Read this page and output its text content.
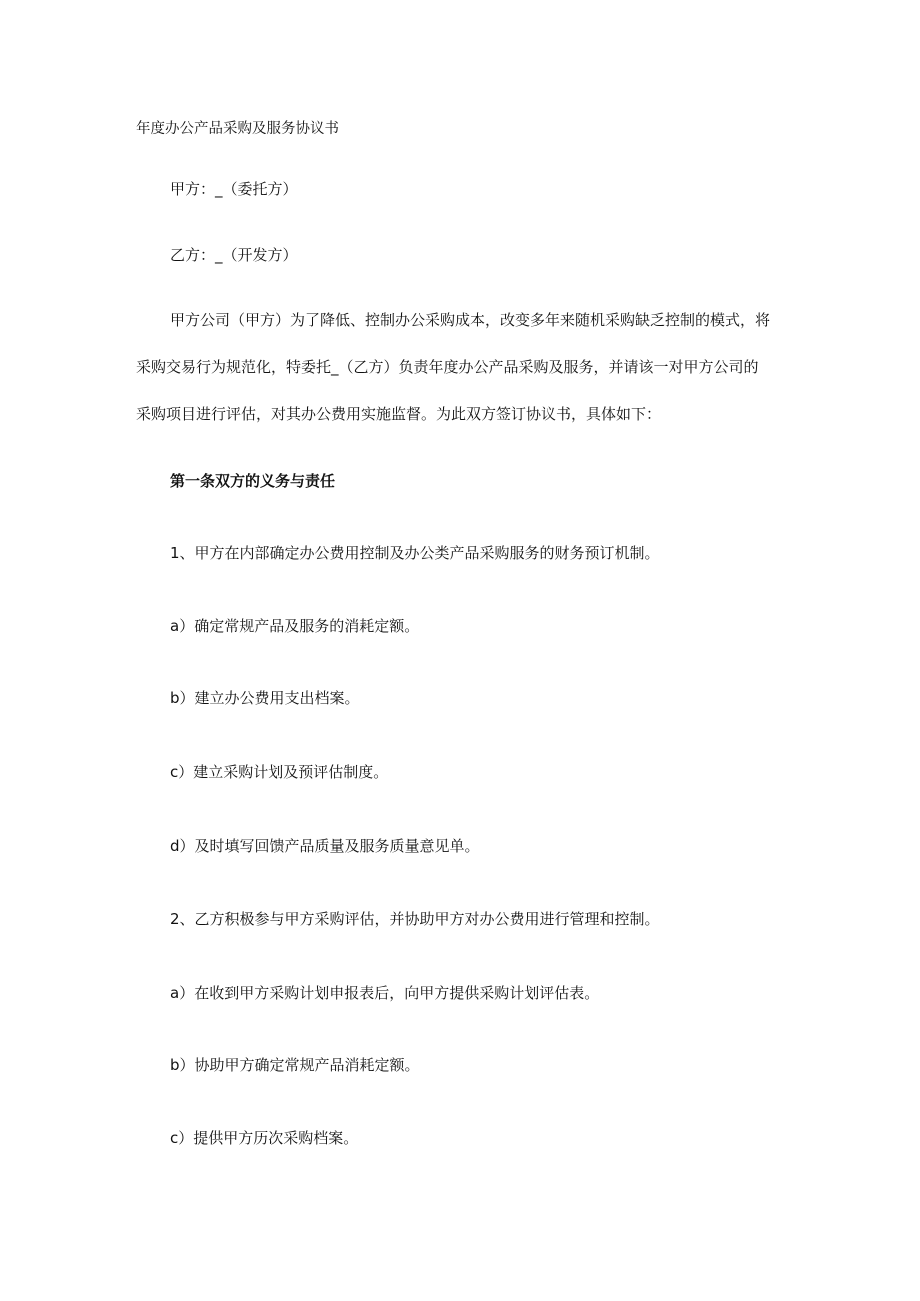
年度办公产品采购及服务协议书
甲方：_（委托方）
乙方：_（开发方）
甲方公司（甲方）为了降低、控制办公采购成本，改变多年来随机采购缺乏控制的模式，将
采购交易行为规范化，特委托_（乙方）负责年度办公产品采购及服务，并请该一对甲方公司的
采购项目进行评估，对其办公费用实施监督。为此双方签订协议书，具体如下：
第一条双方的义务与责任
1、甲方在内部确定办公费用控制及办公类产品采购服务的财务预订机制。
a）确定常规产品及服务的消耗定额。
b）建立办公费用支出档案。
c）建立采购计划及预评估制度。
d）及时填写回馈产品质量及服务质量意见单。
2、乙方积极参与甲方采购评估，并协助甲方对办公费用进行管理和控制。
a）在收到甲方采购计划申报表后，向甲方提供采购计划评估表。
b）协助甲方确定常规产品消耗定额。
c）提供甲方历次采购档案。
